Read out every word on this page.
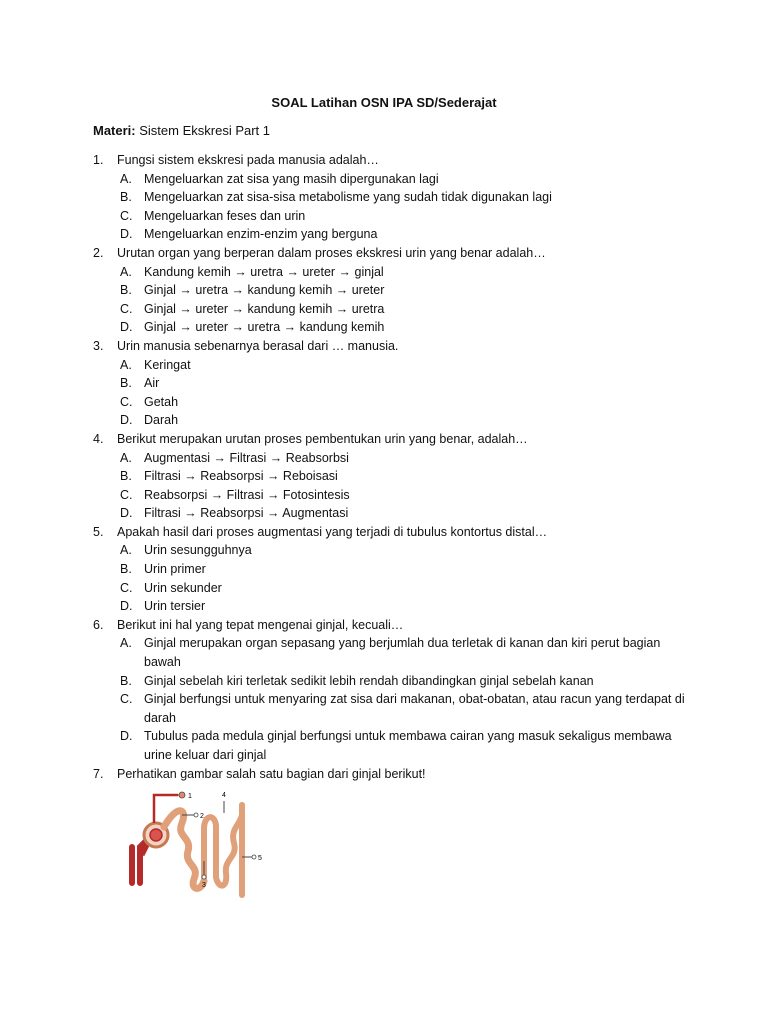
SOAL Latihan OSN IPA SD/Sederajat
Materi: Sistem Ekskresi Part 1
1. Fungsi sistem ekskresi pada manusia adalah…
A. Mengeluarkan zat sisa yang masih dipergunakan lagi
B. Mengeluarkan zat sisa-sisa metabolisme yang sudah tidak digunakan lagi
C. Mengeluarkan feses dan urin
D. Mengeluarkan enzim-enzim yang berguna
2. Urutan organ yang berperan dalam proses ekskresi urin yang benar adalah…
A. Kandung kemih → uretra → ureter → ginjal
B. Ginjal → uretra → kandung kemih → ureter
C. Ginjal → ureter → kandung kemih → uretra
D. Ginjal → ureter → uretra → kandung kemih
3. Urin manusia sebenarnya berasal dari … manusia.
A. Keringat
B. Air
C. Getah
D. Darah
4. Berikut merupakan urutan proses pembentukan urin yang benar, adalah…
A. Augmentasi → Filtrasi → Reabsorbsi
B. Filtrasi → Reabsorpsi → Reboisasi
C. Reabsorpsi → Filtrasi → Fotosintesis
D. Filtrasi → Reabsorpsi → Augmentasi
5. Apakah hasil dari proses augmentasi yang terjadi di tubulus kontortus distal…
A. Urin sesungguhnya
B. Urin primer
C. Urin sekunder
D. Urin tersier
6. Berikut ini hal yang tepat mengenai ginjal, kecuali…
A. Ginjal merupakan organ sepasang yang berjumlah dua terletak di kanan dan kiri perut bagian bawah
B. Ginjal sebelah kiri terletak sedikit lebih rendah dibandingkan ginjal sebelah kanan
C. Ginjal berfungsi untuk menyaring zat sisa dari makanan, obat-obatan, atau racun yang terdapat di darah
D. Tubulus pada medula ginjal berfungsi untuk membawa cairan yang masuk sekaligus membawa urine keluar dari ginjal
7. Perhatikan gambar salah satu bagian dari ginjal berikut!
1
2
3
4
5
